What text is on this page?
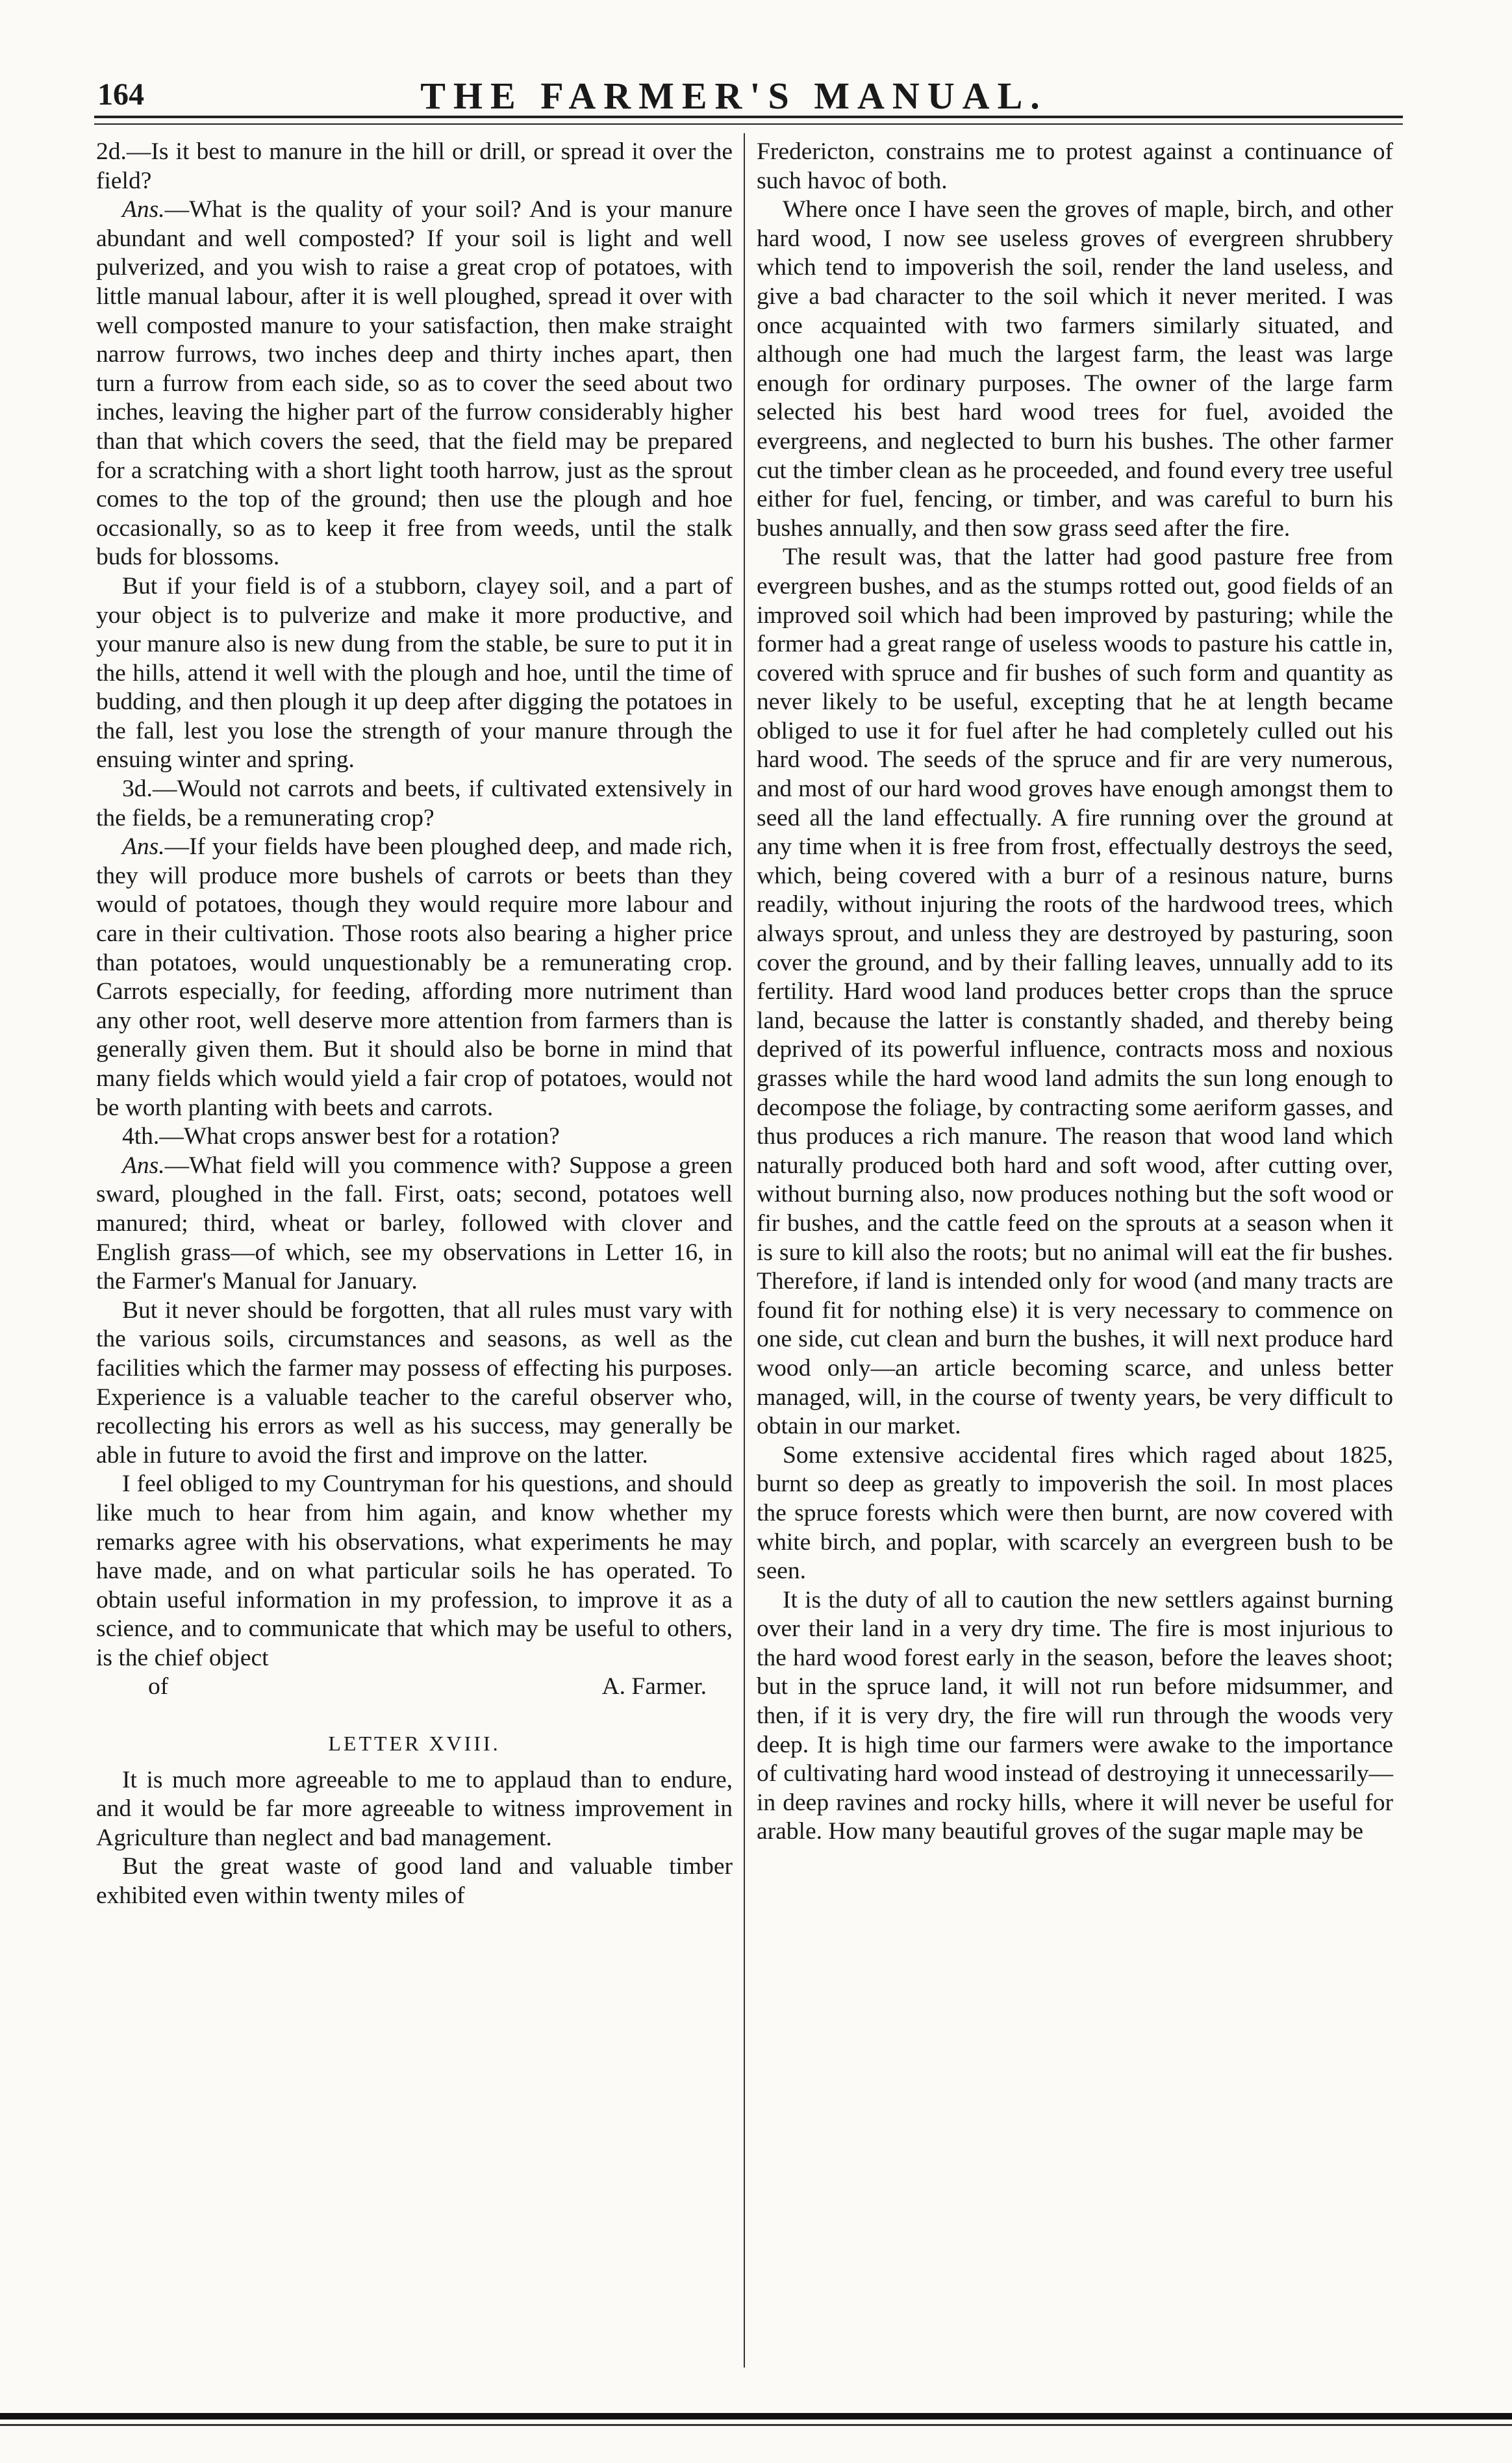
164	THE FARMER'S MANUAL.

2d.—Is it best to manure in the hill or drill, or spread it over the field?

Ans.—What is the quality of your soil? And is your manure abundant and well composted? If your soil is light and well pulverized, and you wish to raise a great crop of potatoes, with little manual labour, after it is well ploughed, spread it over with well composted manure to your satisfaction, then make straight narrow furrows, two inches deep and thirty inches apart, then turn a furrow from each side, so as to cover the seed about two inches, leaving the higher part of the furrow considerably higher than that which covers the seed, that the field may be prepared for a scratching with a short light tooth harrow, just as the sprout comes to the top of the ground; then use the plough and hoe occasionally, so as to keep it free from weeds, until the stalk buds for blossoms.

But if your field is of a stubborn, clayey soil, and a part of your object is to pulverize and make it more productive, and your manure also is new dung from the stable, be sure to put it in the hills, attend it well with the plough and hoe, until the time of budding, and then plough it up deep after digging the potatoes in the fall, lest you lose the strength of your manure through the ensuing winter and spring.

3d.—Would not carrots and beets, if cultivated extensively in the fields, be a remunerating crop?

Ans.—If your fields have been ploughed deep, and made rich, they will produce more bushels of carrots or beets than they would of potatoes, though they would require more labour and care in their cultivation. Those roots also bearing a higher price than potatoes, would unquestionably be a remunerating crop. Carrots especially, for feeding, affording more nutriment than any other root, well deserve more attention from farmers than is generally given them. But it should also be borne in mind that many fields which would yield a fair crop of potatoes, would not be worth planting with beets and carrots.

4th.—What crops answer best for a rotation?

Ans.—What field will you commence with? Suppose a green sward, ploughed in the fall. First, oats; second, potatoes well manured; third, wheat or barley, followed with clover and English grass—of which, see my observations in Letter 16, in the Farmer's Manual for January.

But it never should be forgotten, that all rules must vary with the various soils, circumstances and seasons, as well as the facilities which the farmer may possess of effecting his purposes. Experience is a valuable teacher to the careful observer who, recollecting his errors as well as his success, may generally be able in future to avoid the first and improve on the latter.

I feel obliged to my Countryman for his questions, and should like much to hear from him again, and know whether my remarks agree with his observations, what experiments he may have made, and on what particular soils he has operated. To obtain useful information in my profession, to improve it as a science, and to communicate that which may be useful to others, is the chief object

of	A. Farmer.

LETTER XVIII.

It is much more agreeable to me to applaud than to endure, and it would be far more agreeable to witness improvement in Agriculture than neglect and bad management.

But the great waste of good land and valuable timber exhibited even within twenty miles of

Fredericton, constrains me to protest against a continuance of such havoc of both.

Where once I have seen the groves of maple, birch, and other hard wood, I now see useless groves of evergreen shrubbery which tend to impoverish the soil, render the land useless, and give a bad character to the soil which it never merited. I was once acquainted with two farmers similarly situated, and although one had much the largest farm, the least was large enough for ordinary purposes. The owner of the large farm selected his best hard wood trees for fuel, avoided the evergreens, and neglected to burn his bushes. The other farmer cut the timber clean as he proceeded, and found every tree useful either for fuel, fencing, or timber, and was careful to burn his bushes annually, and then sow grass seed after the fire.

The result was, that the latter had good pasture free from evergreen bushes, and as the stumps rotted out, good fields of an improved soil which had been improved by pasturing; while the former had a great range of useless woods to pasture his cattle in, covered with spruce and fir bushes of such form and quantity as never likely to be useful, excepting that he at length became obliged to use it for fuel after he had completely culled out his hard wood. The seeds of the spruce and fir are very numerous, and most of our hard wood groves have enough amongst them to seed all the land effectually. A fire running over the ground at any time when it is free from frost, effectually destroys the seed, which, being covered with a burr of a resinous nature, burns readily, without injuring the roots of the hardwood trees, which always sprout, and unless they are destroyed by pasturing, soon cover the ground, and by their falling leaves, unnually add to its fertility. Hard wood land produces better crops than the spruce land, because the latter is constantly shaded, and thereby being deprived of its powerful influence, contracts moss and noxious grasses while the hard wood land admits the sun long enough to decompose the foliage, by contracting some aeriform gasses, and thus produces a rich manure. The reason that wood land which naturally produced both hard and soft wood, after cutting over, without burning also, now produces nothing but the soft wood or fir bushes, and the cattle feed on the sprouts at a season when it is sure to kill also the roots; but no animal will eat the fir bushes. Therefore, if land is intended only for wood (and many tracts are found fit for nothing else) it is very necessary to commence on one side, cut clean and burn the bushes, it will next produce hard wood only—an article becoming scarce, and unless better managed, will, in the course of twenty years, be very difficult to obtain in our market.

Some extensive accidental fires which raged about 1825, burnt so deep as greatly to impoverish the soil. In most places the spruce forests which were then burnt, are now covered with white birch, and poplar, with scarcely an evergreen bush to be seen.

It is the duty of all to caution the new settlers against burning over their land in a very dry time. The fire is most injurious to the hard wood forest early in the season, before the leaves shoot; but in the spruce land, it will not run before midsummer, and then, if it is very dry, the fire will run through the woods very deep. It is high time our farmers were awake to the importance of cultivating hard wood instead of destroying it unnecessarily—in deep ravines and rocky hills, where it will never be useful for arable. How many beautiful groves of the sugar maple may be
